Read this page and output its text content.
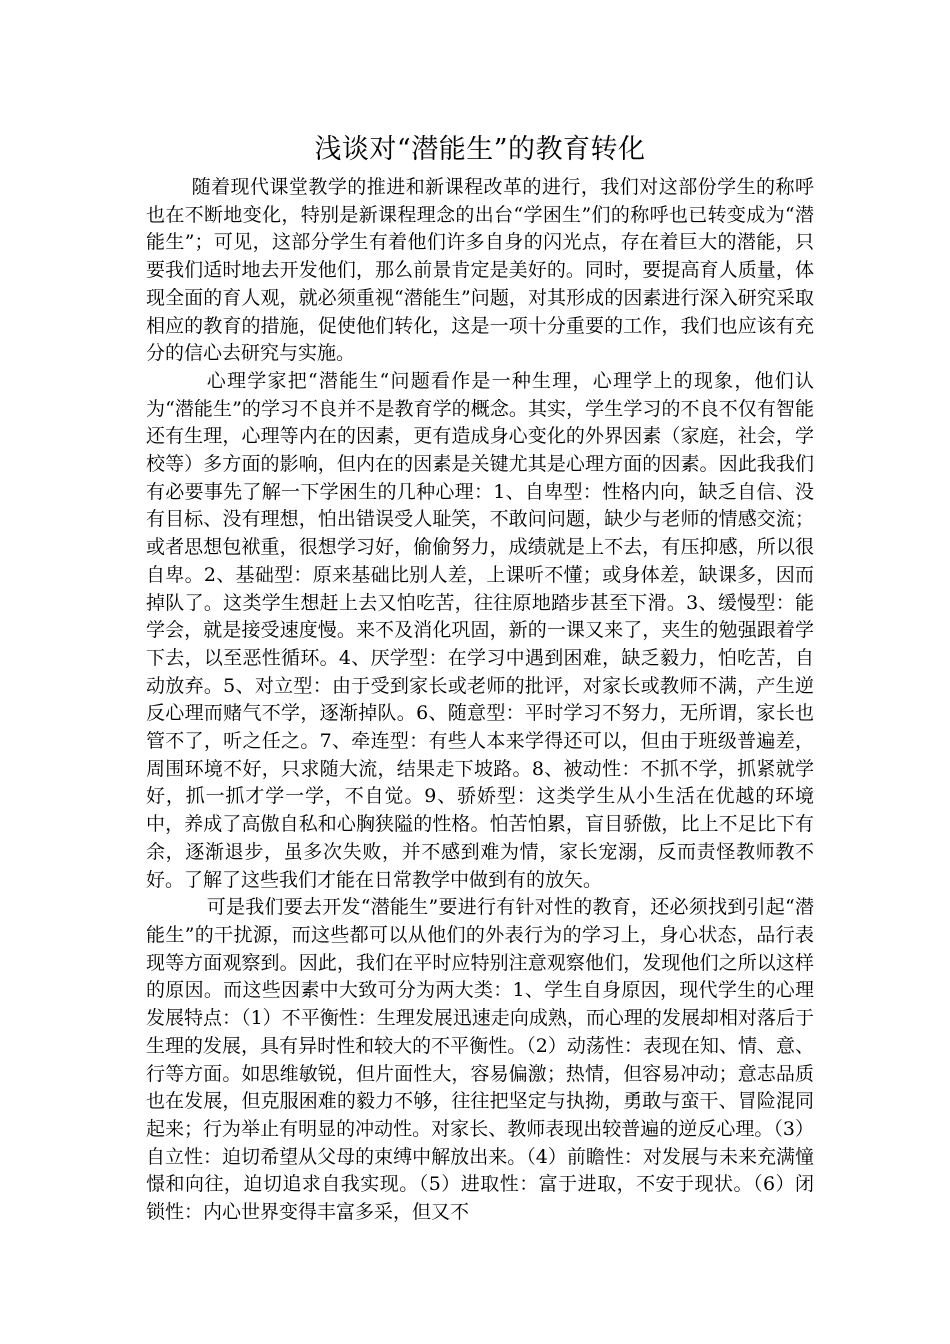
浅谈对“潜能生”的教育转化

随着现代课堂教学的推进和新课程改革的进行，我们对这部份学生的称呼也在不断地变化，特别是新课程理念的出台“学困生”们的称呼也已转变成为“潜能生”；可见，这部分学生有着他们许多自身的闪光点，存在着巨大的潜能，只要我们适时地去开发他们，那么前景肯定是美好的。同时，要提高育人质量，体现全面的育人观，就必须重视“潜能生”问题，对其形成的因素进行深入研究采取相应的教育的措施，促使他们转化，这是一项十分重要的工作，我们也应该有充分的信心去研究与实施。

心理学家把“潜能生“问题看作是一种生理，心理学上的现象，他们认为“潜能生”的学习不良并不是教育学的概念。其实，学生学习的不良不仅有智能还有生理，心理等内在的因素，更有造成身心变化的外界因素（家庭，社会，学校等）多方面的影响，但内在的因素是关键尤其是心理方面的因素。因此我我们有必要事先了解一下学困生的几种心理：1、自卑型：性格内向，缺乏自信、没有目标、没有理想，怕出错误受人耻笑，不敢问问题，缺少与老师的情感交流；或者思想包袱重，很想学习好，偷偷努力，成绩就是上不去，有压抑感，所以很自卑。2、基础型：原来基础比别人差，上课听不懂；或身体差，缺课多，因而掉队了。这类学生想赶上去又怕吃苦，往往原地踏步甚至下滑。3、缓慢型：能学会，就是接受速度慢。来不及消化巩固，新的一课又来了，夹生的勉强跟着学下去，以至恶性循环。4、厌学型：在学习中遇到困难，缺乏毅力，怕吃苦，自动放弃。5、对立型：由于受到家长或老师的批评，对家长或教师不满，产生逆反心理而赌气不学，逐渐掉队。6、随意型：平时学习不努力，无所谓，家长也管不了，听之任之。7、牵连型：有些人本来学得还可以，但由于班级普遍差，周围环境不好，只求随大流，结果走下坡路。8、被动性：不抓不学，抓紧就学好，抓一抓才学一学，不自觉。9、骄娇型：这类学生从小生活在优越的环境中，养成了高傲自私和心胸狭隘的性格。怕苦怕累，盲目骄傲，比上不足比下有余，逐渐退步，虽多次失败，并不感到难为情，家长宠溺，反而责怪教师教不好。了解了这些我们才能在日常教学中做到有的放矢。

可是我们要去开发“潜能生”要进行有针对性的教育，还必须找到引起“潜能生”的干扰源，而这些都可以从他们的外表行为的学习上，身心状态，品行表现等方面观察到。因此，我们在平时应特别注意观察他们，发现他们之所以这样的原因。而这些因素中大致可分为两大类：1、学生自身原因，现代学生的心理发展特点：（1）不平衡性：生理发展迅速走向成熟，而心理的发展却相对落后于生理的发展，具有异时性和较大的不平衡性。（2）动荡性：表现在知、情、意、行等方面。如思维敏锐，但片面性大，容易偏激；热情，但容易冲动；意志品质也在发展，但克服困难的毅力不够，往往把坚定与执拗，勇敢与蛮干、冒险混同起来；行为举止有明显的冲动性。对家长、教师表现出较普遍的逆反心理。（3）自立性：迫切希望从父母的束缚中解放出来。（4）前瞻性：对发展与未来充满憧憬和向往，迫切追求自我实现。（5）进取性：富于进取，不安于现状。（6）闭锁性：内心世界变得丰富多采，但又不
